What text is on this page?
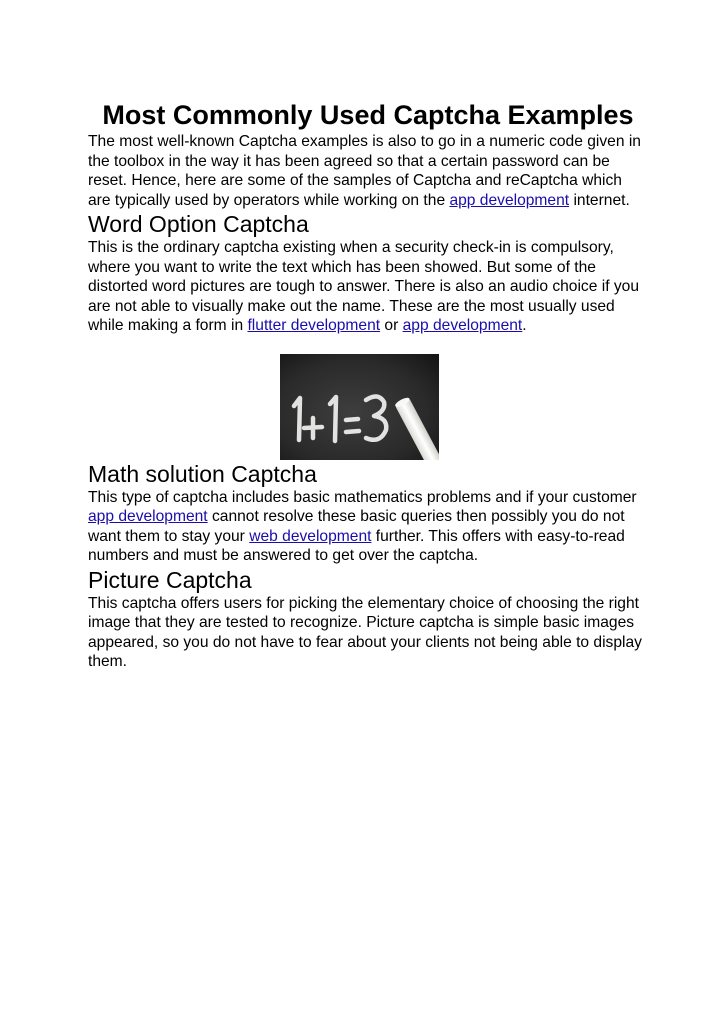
Most Commonly Used Captcha Examples

The most well-known Captcha examples is also to go in a numeric code given in the toolbox in the way it has been agreed so that a certain password can be reset. Hence, here are some of the samples of Captcha and reCaptcha which are typically used by operators while working on the app development internet.

Word Option Captcha

This is the ordinary captcha existing when a security check-in is compulsory, where you want to write the text which has been showed. But some of the distorted word pictures are tough to answer. There is also an audio choice if you are not able to visually make out the name. These are the most usually used while making a form in flutter development or app development.

Math solution Captcha

This type of captcha includes basic mathematics problems and if your customer app development cannot resolve these basic queries then possibly you do not want them to stay your web development further. This offers with easy-to-read numbers and must be answered to get over the captcha.

Picture Captcha

This captcha offers users for picking the elementary choice of choosing the right image that they are tested to recognize. Picture captcha is simple basic images appeared, so you do not have to fear about your clients not being able to display them.
